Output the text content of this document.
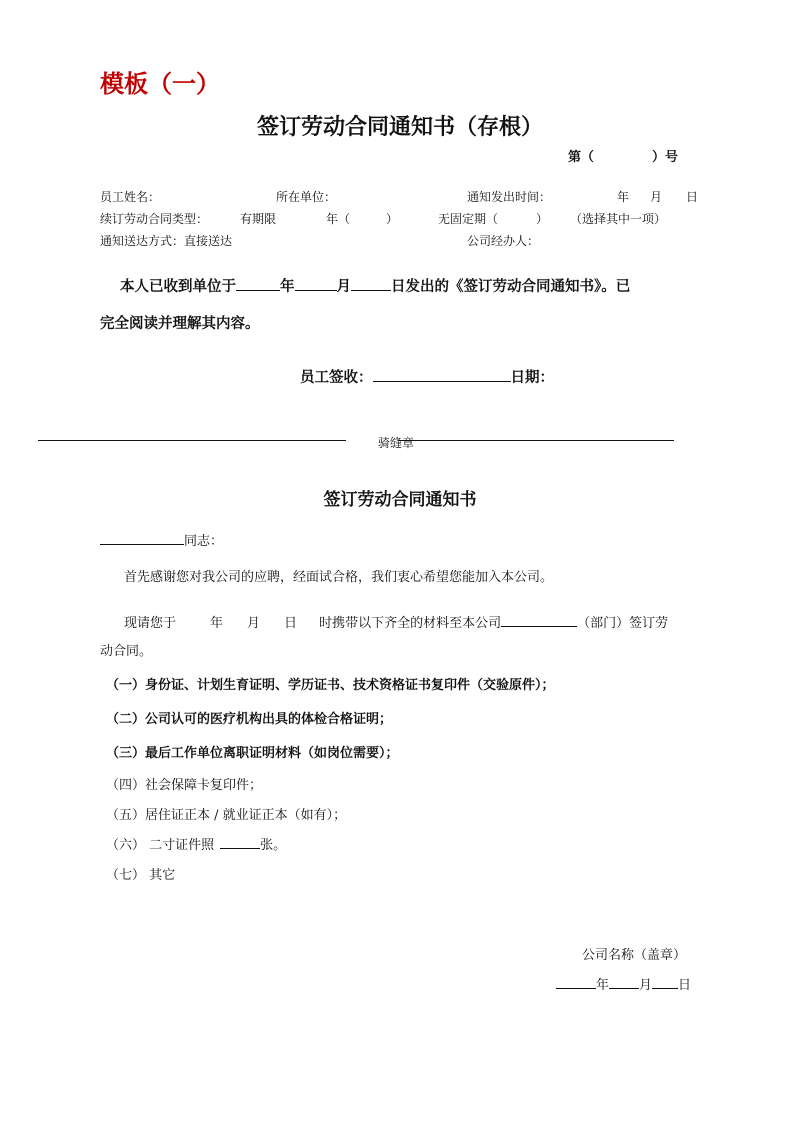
模板（一）
签订劳动合同通知书（存根）
第（	）号
员工姓名：	所在单位：	通知发出时间：	年 月 日
续订劳动合同类型：	有期限	年（	）	无固定期（	） （选择其中一项）
通知送达方式：直接送达	公司经办人：
本人已收到单位于	年	月	日发出的《签订劳动合同通知书》。已
完全阅读并理解其内容。
员工签收：	日期：
骑缝章
签订劳动合同通知书
同志：
首先感谢您对我公司的应聘，经面试合格，我们衷心希望您能加入本公司。
现请您于	年 月 日 时携带以下齐全的材料至本公司	（部门）签订劳
动合同。
（一）身份证、计划生育证明、学历证书、技术资格证书复印件（交验原件）；
（二）公司认可的医疗机构出具的体检合格证明；
（三）最后工作单位离职证明材料（如岗位需要）；
（四）社会保障卡复印件；
（五）居住证正本 / 就业证正本（如有）；
（六） 二寸证件照	张。
（七） 其它
公司名称（盖章）
年 月 日
